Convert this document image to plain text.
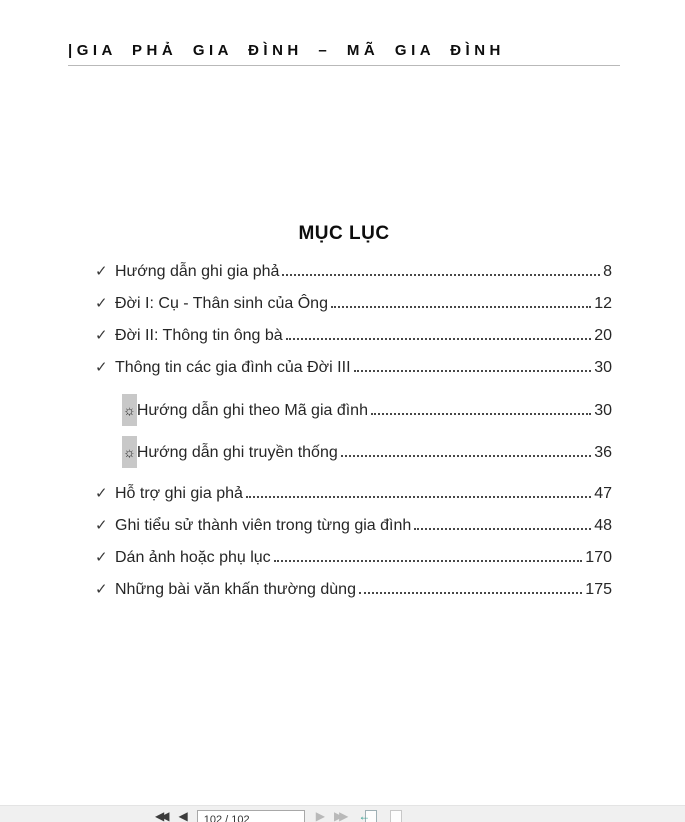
|GIA PHẢ GIA ĐÌNH – MÃ GIA ĐÌNH
MỤC LỤC
✓ Hướng dẫn ghi gia phả	8
✓ Đời I: Cụ - Thân sinh của Ông	12
✓ Đời II: Thông tin ông bà	20
✓ Thông tin các gia đình của Đời III	30
☼ Hướng dẫn ghi theo Mã gia đình	30
☼ Hướng dẫn ghi truyền thống	36
✓ Hỗ trợ ghi gia phả	47
✓ Ghi tiểu sử thành viên trong từng gia đình	48
✓ Dán ảnh hoặc phụ lục	170
✓ Những bài văn khấn thường dùng	175
◀◀	◀	102 / 102	▶ ▶▶	←
